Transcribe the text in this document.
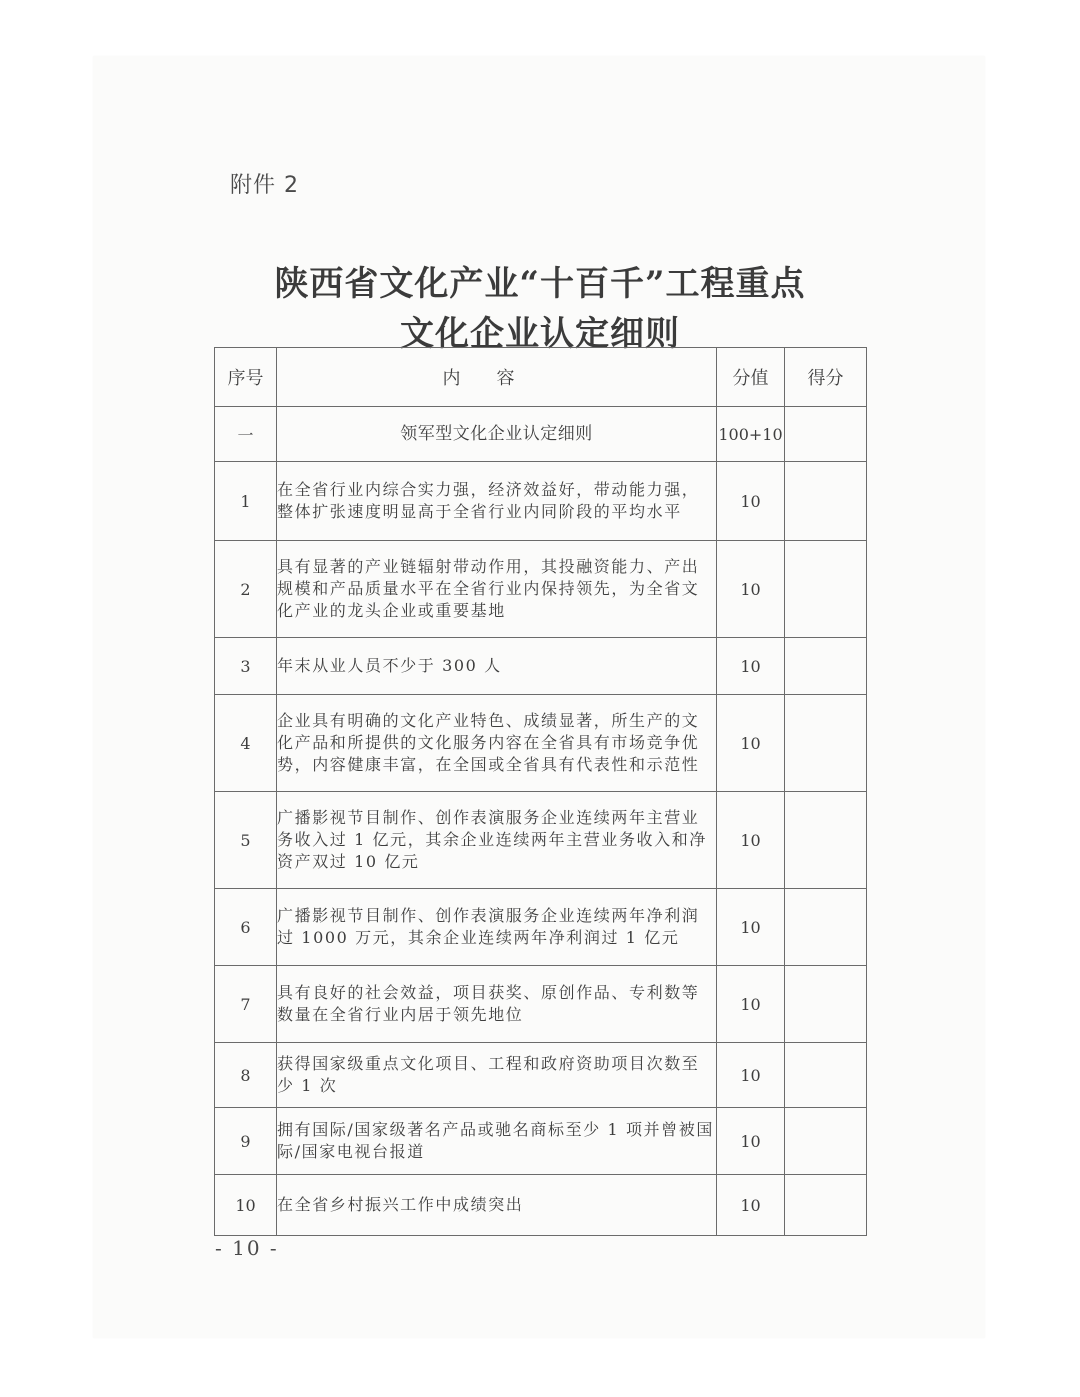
附件 2
陕西省文化产业“十百千”工程重点
文化企业认定细则
序号	内容	分值	得分
一	领军型文化企业认定细则	100+10	
1	在全省行业内综合实力强，经济效益好，带动能力强，整体扩张速度明显高于全省行业内同阶段的平均水平	10	
2	具有显著的产业链辐射带动作用，其投融资能力、产出规模和产品质量水平在全省行业内保持领先，为全省文化产业的龙头企业或重要基地	10	
3	年末从业人员不少于 300 人	10	
4	企业具有明确的文化产业特色、成绩显著，所生产的文化产品和所提供的文化服务内容在全省具有市场竞争优势，内容健康丰富，在全国或全省具有代表性和示范性	10	
5	广播影视节目制作、创作表演服务企业连续两年主营业务收入过 1 亿元，其余企业连续两年主营业务收入和净资产双过 10 亿元	10	
6	广播影视节目制作、创作表演服务企业连续两年净利润过 1000 万元，其余企业连续两年净利润过 1 亿元	10	
7	具有良好的社会效益，项目获奖、原创作品、专利数等数量在全省行业内居于领先地位	10	
8	获得国家级重点文化项目、工程和政府资助项目次数至少 1 次	10	
9	拥有国际/国家级著名产品或驰名商标至少 1 项并曾被国际/国家电视台报道	10	
10	在全省乡村振兴工作中成绩突出	10	
- 10 -
